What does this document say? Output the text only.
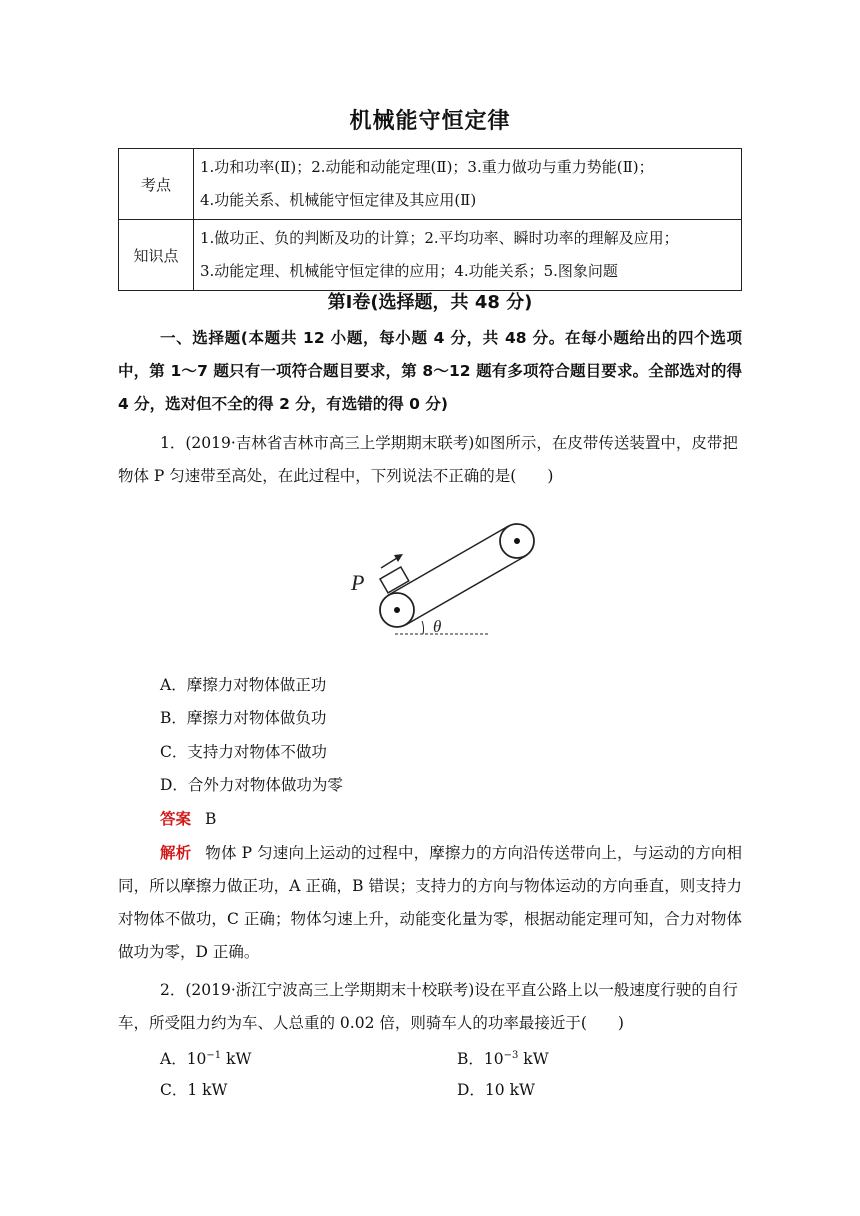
机械能守恒定律
考点	1.功和功率(Ⅱ)；2.动能和动能定理(Ⅱ)；3.重力做功与重力势能(Ⅱ)；
4.功能关系、机械能守恒定律及其应用(Ⅱ)

知识点	1.做功正、负的判断及功的计算；2.平均功率、瞬时功率的理解及应用；
3.动能定理、机械能守恒定律的应用；4.功能关系；5.图象问题
第Ⅰ卷(选择题，共 48 分)
一、选择题(本题共 12 小题，每小题 4 分，共 48 分。在每小题给出的四个选项中，第 1～7 题只有一项符合题目要求，第 8～12 题有多项符合题目要求。全部选对的得 4 分，选对但不全的得 2 分，有选错的得 0 分)
1．(2019·吉林省吉林市高三上学期期末联考)如图所示，在皮带传送装置中，皮带把物体 P 匀速带至高处，在此过程中，下列说法不正确的是(　　)
P
θ
A．摩擦力对物体做正功
B．摩擦力对物体做负功
C．支持力对物体不做功
D．合外力对物体做功为零
答案 B
解析 物体 P 匀速向上运动的过程中，摩擦力的方向沿传送带向上，与运动的方向相同，所以摩擦力做正功，A 正确，B 错误；支持力的方向与物体运动的方向垂直，则支持力对物体不做功，C 正确；物体匀速上升，动能变化量为零，根据动能定理可知，合力对物体做功为零，D 正确。
2．(2019·浙江宁波高三上学期期末十校联考)设在平直公路上以一般速度行驶的自行车，所受阻力约为车、人总重的 0.02 倍，则骑车人的功率最接近于(　　)
A．$10^{-1}$ kW	B．$10^{-3}$ kW
C．1 kW	D．10 kW
